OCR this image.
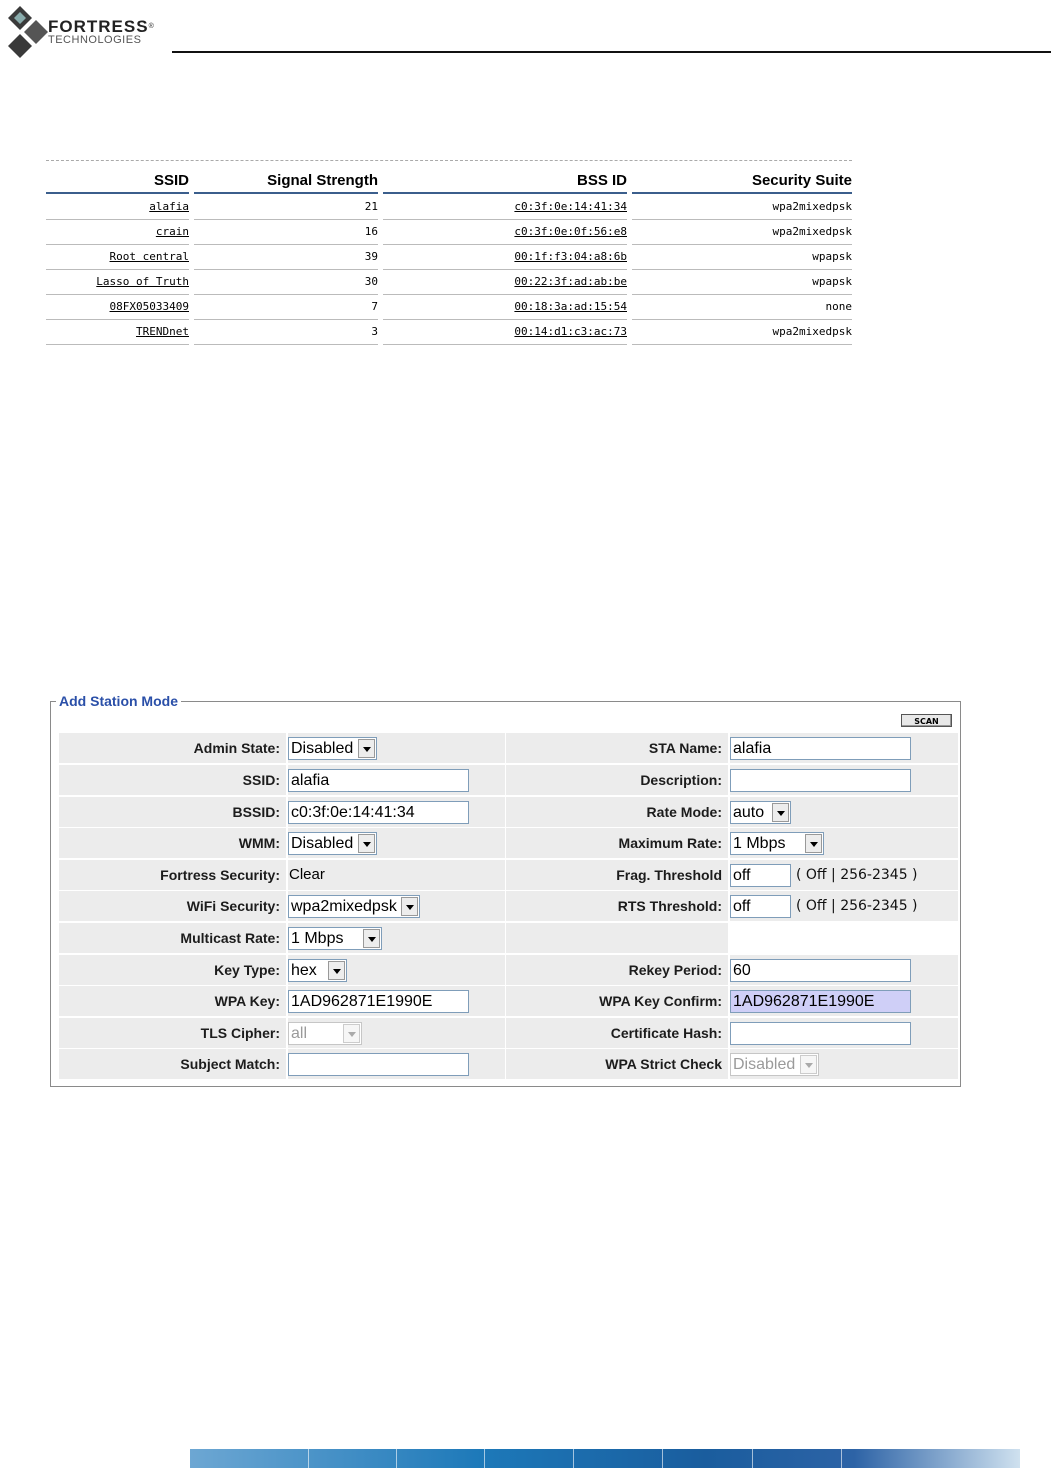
FORTRESS®
TECHNOLOGIES
SSID	Signal Strength	BSS ID	Security Suite
alafia	21	c0:3f:0e:14:41:34	wpa2mixedpsk
crain	16	c0:3f:0e:0f:56:e8	wpa2mixedpsk
Root central	39	00:1f:f3:04:a8:6b	wpapsk
Lasso of Truth	30	00:22:3f:ad:ab:be	wpapsk
08FX05033409	7	00:18:3a:ad:15:54	none
TRENDnet	3	00:14:d1:c3:ac:73	wpa2mixedpsk
Add Station Mode
SCAN
Admin State: Disabled
SSID:
alafia
BSSID:
c0:3f:0e:14:41:34
WMM: Disabled
Fortress Security: Clear
WiFi Security: wpa2mixedpsk
Multicast Rate: 1 Mbps
Key Type: hex
WPA Key:
1AD962871E1990E
TLS Cipher: all
Subject Match:
STA Name:
alafia
Description:
Rate Mode: auto
Maximum Rate: 1 Mbps
Frag. Threshold
off	( Off | 256-2345 )
RTS Threshold:
off	( Off | 256-2345 )
Rekey Period:
60
WPA Key Confirm:
1AD962871E1990E
Certificate Hash:
WPA Strict Check Disabled
